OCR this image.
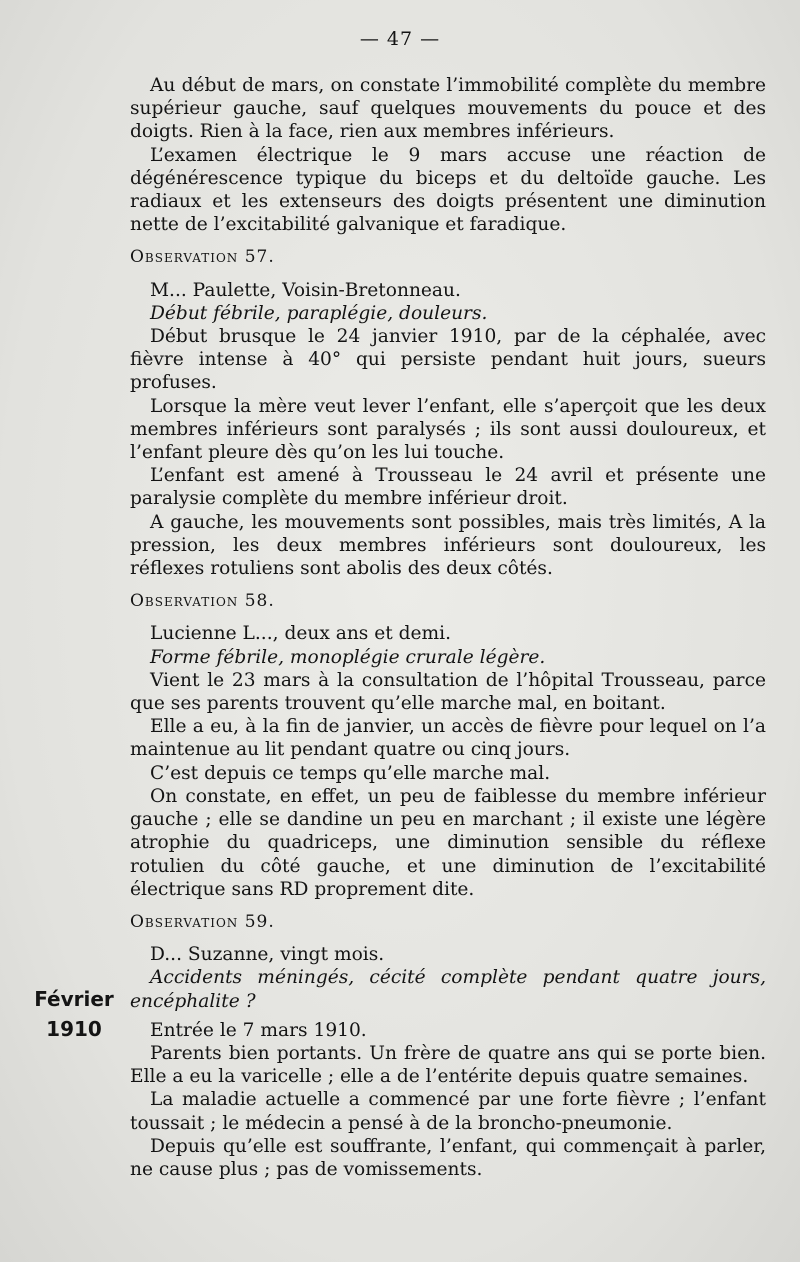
— 47 —
Février
1910

Au début de mars, on constate l’immobilité complète du membre supérieur gauche, sauf quelques mouvements du pouce et des doigts. Rien à la face, rien aux membres inférieurs.

L’examen électrique le 9 mars accuse une réaction de dégénérescence typique du biceps et du deltoïde gauche. Les radiaux et les extenseurs des doigts présentent une diminution nette de l’excitabilité galvanique et faradique.

Observation 57.

M... Paulette, Voisin-Bretonneau.

Début fébrile, paraplégie, douleurs.

Début brusque le 24 janvier 1910, par de la céphalée, avec fièvre intense à 40° qui persiste pendant huit jours, sueurs profuses.

Lorsque la mère veut lever l’enfant, elle s’aperçoit que les deux membres inférieurs sont paralysés ; ils sont aussi douloureux, et l’enfant pleure dès qu’on les lui touche.

L’enfant est amené à Trousseau le 24 avril et présente une paralysie complète du membre inférieur droit.

A gauche, les mouvements sont possibles, mais très limités, A la pression, les deux membres inférieurs sont douloureux, les réflexes rotuliens sont abolis des deux côtés.

Observation 58.

Lucienne L..., deux ans et demi.

Forme fébrile, monoplégie crurale légère.

Vient le 23 mars à la consultation de l’hôpital Trousseau, parce que ses parents trouvent qu’elle marche mal, en boitant.

Elle a eu, à la fin de janvier, un accès de fièvre pour lequel on l’a maintenue au lit pendant quatre ou cinq jours.

C’est depuis ce temps qu’elle marche mal.

On constate, en effet, un peu de faiblesse du membre inférieur gauche ; elle se dandine un peu en marchant ; il existe une légère atrophie du quadriceps, une diminution sensible du réflexe rotulien du côté gauche, et une diminution de l’excitabilité électrique sans RD proprement dite.

Observation 59.

D... Suzanne, vingt mois.

Accidents méningés, cécité complète pendant quatre jours, encéphalite ?

Entrée le 7 mars 1910.

Parents bien portants. Un frère de quatre ans qui se porte bien. Elle a eu la varicelle ; elle a de l’entérite depuis quatre semaines.

La maladie actuelle a commencé par une forte fièvre ; l’enfant toussait ; le médecin a pensé à de la broncho-pneumonie.

Depuis qu’elle est souffrante, l’enfant, qui commençait à parler, ne cause plus ; pas de vomissements.
